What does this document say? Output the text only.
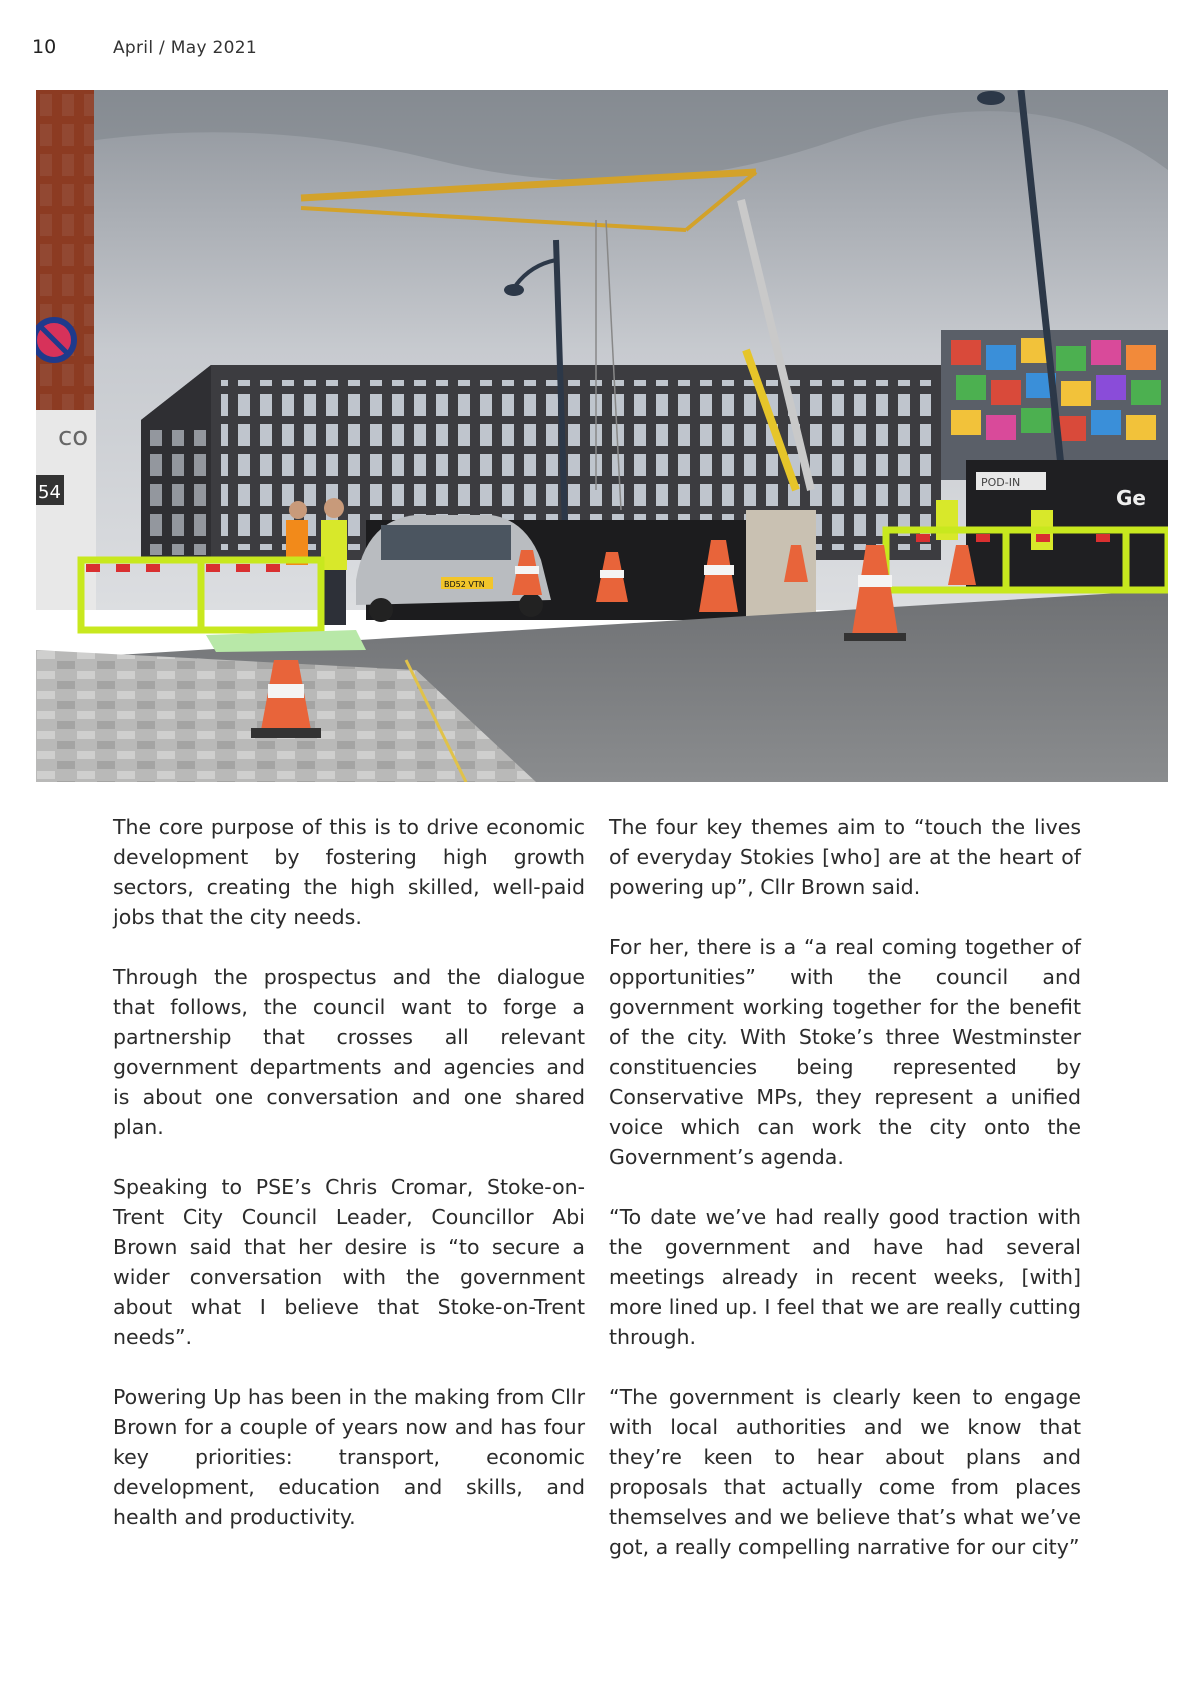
10	April / May 2021
co
54	Ge
POD-IN
BD52 VTN

The core purpose of this is to drive economic development by fostering high growth sectors, creating the high skilled, well-paid jobs that the city needs.

Through the prospectus and the dialogue that follows, the council want to forge a partnership that crosses all relevant government departments and agencies and is about one conversation and one shared plan.

Speaking to PSE’s Chris Cromar, Stoke-on-Trent City Council Leader, Councillor Abi Brown said that her desire is “to secure a wider conversation with the government about what I believe that Stoke-on-Trent needs”.

Powering Up has been in the making from Cllr Brown for a couple of years now and has four key priorities: transport, economic development, education and skills, and health and productivity.

The four key themes aim to “touch the lives of everyday Stokies [who] are at the heart of powering up”, Cllr Brown said.

For her, there is a “a real coming together of opportunities” with the council and government working together for the benefit of the city. With Stoke’s three Westminster constituencies being represented by Conservative MPs, they represent a unified voice which can work the city onto the Government’s agenda.

“To date we’ve had really good traction with the government and have had several meetings already in recent weeks, [with] more lined up. I feel that we are really cutting through.

“The government is clearly keen to engage with local authorities and we know that they’re keen to hear about plans and proposals that actually come from places themselves and we believe that’s what we’ve got, a really compelling narrative for our city”
